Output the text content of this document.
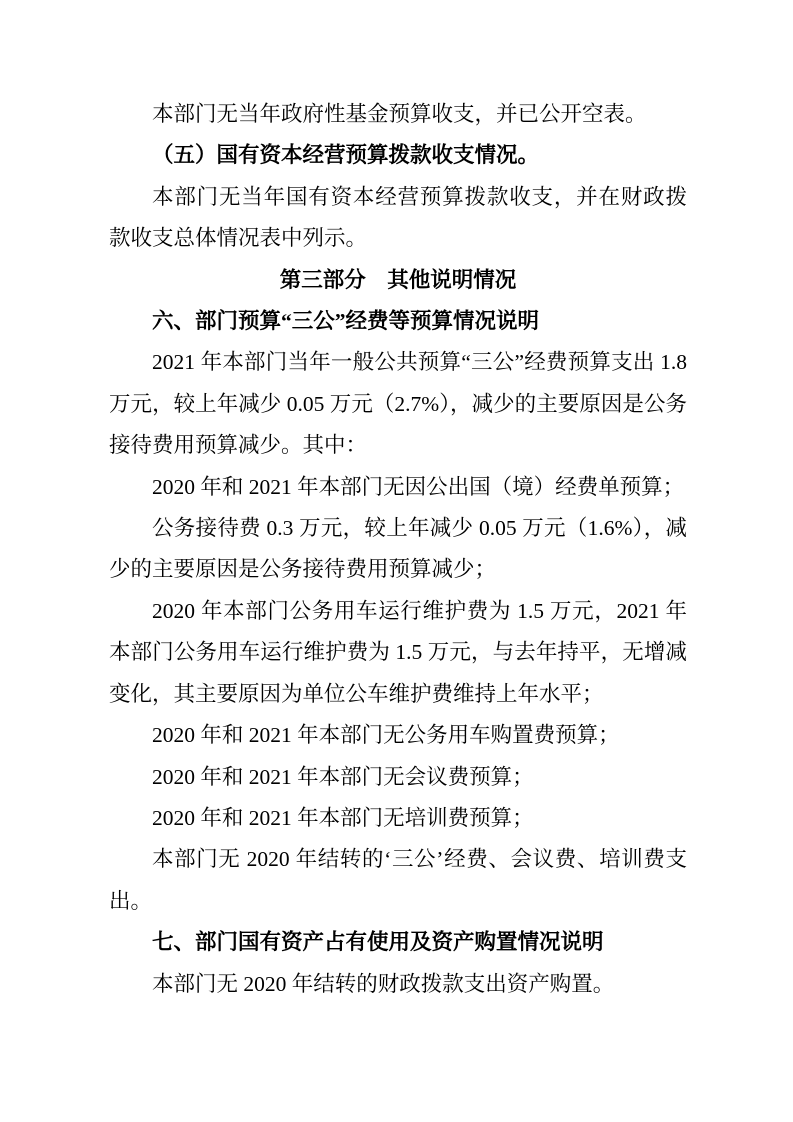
本部门无当年政府性基金预算收支，并已公开空表。

（五）国有资本经营预算拨款收支情况。

本部门无当年国有资本经营预算拨款收支，并在财政拨款收支总体情况表中列示。

第三部分　其他说明情况

六、部门预算“三公”经费等预算情况说明

2021 年本部门当年一般公共预算“三公”经费预算支出 1.8 万元，较上年减少 0.05 万元（2.7%），减少的主要原因是公务接待费用预算减少。其中：

2020 年和 2021 年本部门无因公出国（境）经费单预算；

公务接待费 0.3 万元，较上年减少 0.05 万元（1.6%），减少的主要原因是公务接待费用预算减少；

2020 年本部门公务用车运行维护费为 1.5 万元，2021 年本部门公务用车运行维护费为 1.5 万元，与去年持平，无增减变化，其主要原因为单位公车维护费维持上年水平；

2020 年和 2021 年本部门无公务用车购置费预算；

2020 年和 2021 年本部门无会议费预算；

2020 年和 2021 年本部门无培训费预算；

本部门无 2020 年结转的‘三公’经费、会议费、培训费支出。

七、部门国有资产占有使用及资产购置情况说明

本部门无 2020 年结转的财政拨款支出资产购置。
